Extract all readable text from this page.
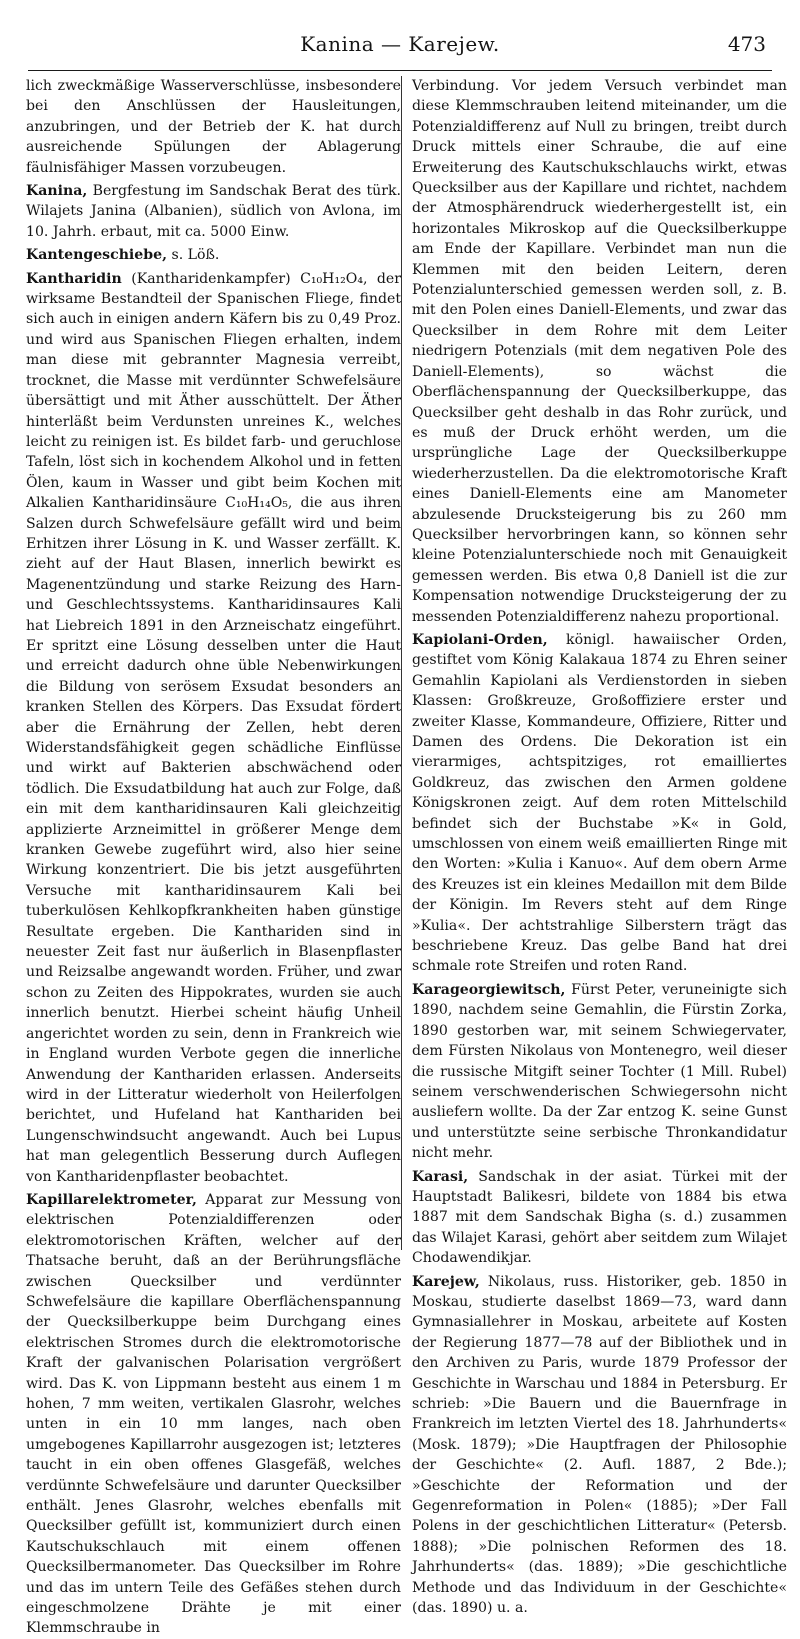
Kanina — Karejew.	473

lich zweckmäßige Wasserverschlüsse, insbesondere bei den Anschlüssen der Hausleitungen, anzubringen, und der Betrieb der K. hat durch ausreichende Spülungen der Ablagerung fäulnisfähiger Massen vorzubeugen.

Kanina, Bergfestung im Sandschak Berat des türk. Wilajets Janina (Albanien), südlich von Avlona, im 10. Jahrh. erbaut, mit ca. 5000 Einw.

Kantengeschiebe, s. Löß.

Kantharidin (Kantharidenkampfer) C₁₀H₁₂O₄, der wirksame Bestandteil der Spanischen Fliege, findet sich auch in einigen andern Käfern bis zu 0,49 Proz. und wird aus Spanischen Fliegen erhalten, indem man diese mit gebrannter Magnesia verreibt, trocknet, die Masse mit verdünnter Schwefelsäure übersättigt und mit Äther ausschüttelt. Der Äther hinterläßt beim Verdunsten unreines K., welches leicht zu reinigen ist. Es bildet farb- und geruchlose Tafeln, löst sich in kochendem Alkohol und in fetten Ölen, kaum in Wasser und gibt beim Kochen mit Alkalien Kantharidinsäure C₁₀H₁₄O₅, die aus ihren Salzen durch Schwefelsäure gefällt wird und beim Erhitzen ihrer Lösung in K. und Wasser zerfällt. K. zieht auf der Haut Blasen, innerlich bewirkt es Magenentzündung und starke Reizung des Harn- und Geschlechtssystems. Kantharidinsaures Kali hat Liebreich 1891 in den Arzneischatz eingeführt. Er spritzt eine Lösung desselben unter die Haut und erreicht dadurch ohne üble Nebenwirkungen die Bildung von serösem Exsudat besonders an kranken Stellen des Körpers. Das Exsudat fördert aber die Ernährung der Zellen, hebt deren Widerstandsfähigkeit gegen schädliche Einflüsse und wirkt auf Bakterien abschwächend oder tödlich. Die Exsudatbildung hat auch zur Folge, daß ein mit dem kantharidinsauren Kali gleichzeitig applizierte Arzneimittel in größerer Menge dem kranken Gewebe zugeführt wird, also hier seine Wirkung konzentriert. Die bis jetzt ausgeführten Versuche mit kantharidinsaurem Kali bei tuberkulösen Kehlkopfkrankheiten haben günstige Resultate ergeben. Die Kanthariden sind in neuester Zeit fast nur äußerlich in Blasenpflaster und Reizsalbe angewandt worden. Früher, und zwar schon zu Zeiten des Hippokrates, wurden sie auch innerlich benutzt. Hierbei scheint häufig Unheil angerichtet worden zu sein, denn in Frankreich wie in England wurden Verbote gegen die innerliche Anwendung der Kanthariden erlassen. Anderseits wird in der Litteratur wiederholt von Heilerfolgen berichtet, und Hufeland hat Kanthariden bei Lungenschwindsucht angewandt. Auch bei Lupus hat man gelegentlich Besserung durch Auflegen von Kantharidenpflaster beobachtet.

Kapillarelektrometer, Apparat zur Messung von elektrischen Potenzialdifferenzen oder elektromotorischen Kräften, welcher auf der Thatsache beruht, daß an der Berührungsfläche zwischen Quecksilber und verdünnter Schwefelsäure die kapillare Oberflächenspannung der Quecksilberkuppe beim Durchgang eines elektrischen Stromes durch die elektromotorische Kraft der galvanischen Polarisation vergrößert wird. Das K. von Lippmann besteht aus einem 1 m hohen, 7 mm weiten, vertikalen Glasrohr, welches unten in ein 10 mm langes, nach oben umgebogenes Kapillarrohr ausgezogen ist; letzteres taucht in ein oben offenes Glasgefäß, welches verdünnte Schwefelsäure und darunter Quecksilber enthält. Jenes Glasrohr, welches ebenfalls mit Quecksilber gefüllt ist, kommuniziert durch einen Kautschukschlauch mit einem offenen Quecksilbermanometer. Das Quecksilber im Rohre und das im untern Teile des Gefäßes stehen durch eingeschmolzene Drähte je mit einer Klemmschraube in

Verbindung. Vor jedem Versuch verbindet man diese Klemmschrauben leitend miteinander, um die Potenzialdifferenz auf Null zu bringen, treibt durch Druck mittels einer Schraube, die auf eine Erweiterung des Kautschukschlauchs wirkt, etwas Quecksilber aus der Kapillare und richtet, nachdem der Atmosphärendruck wiederhergestellt ist, ein horizontales Mikroskop auf die Quecksilberkuppe am Ende der Kapillare. Verbindet man nun die Klemmen mit den beiden Leitern, deren Potenzialunterschied gemessen werden soll, z. B. mit den Polen eines Daniell-Elements, und zwar das Quecksilber in dem Rohre mit dem Leiter niedrigern Potenzials (mit dem negativen Pole des Daniell-Elements), so wächst die Oberflächenspannung der Quecksilberkuppe, das Quecksilber geht deshalb in das Rohr zurück, und es muß der Druck erhöht werden, um die ursprüngliche Lage der Quecksilberkuppe wiederherzustellen. Da die elektromotorische Kraft eines Daniell-Elements eine am Manometer abzulesende Drucksteigerung bis zu 260 mm Quecksilber hervorbringen kann, so können sehr kleine Potenzialunterschiede noch mit Genauigkeit gemessen werden. Bis etwa 0,8 Daniell ist die zur Kompensation notwendige Drucksteigerung der zu messenden Potenzialdifferenz nahezu proportional.

Kapiolani-Orden, königl. hawaiischer Orden, gestiftet vom König Kalakaua 1874 zu Ehren seiner Gemahlin Kapiolani als Verdienstorden in sieben Klassen: Großkreuze, Großoffiziere erster und zweiter Klasse, Kommandeure, Offiziere, Ritter und Damen des Ordens. Die Dekoration ist ein vierarmiges, achtspitziges, rot emailliertes Goldkreuz, das zwischen den Armen goldene Königskronen zeigt. Auf dem roten Mittelschild befindet sich der Buchstabe »K« in Gold, umschlossen von einem weiß emaillierten Ringe mit den Worten: »Kulia i Kanuo«. Auf dem obern Arme des Kreuzes ist ein kleines Medaillon mit dem Bilde der Königin. Im Revers steht auf dem Ringe »Kulia«. Der achtstrahlige Silberstern trägt das beschriebene Kreuz. Das gelbe Band hat drei schmale rote Streifen und roten Rand.

Karageorgiewitsch, Fürst Peter, veruneinigte sich 1890, nachdem seine Gemahlin, die Fürstin Zorka, 1890 gestorben war, mit seinem Schwiegervater, dem Fürsten Nikolaus von Montenegro, weil dieser die russische Mitgift seiner Tochter (1 Mill. Rubel) seinem verschwenderischen Schwiegersohn nicht ausliefern wollte. Da der Zar entzog K. seine Gunst und unterstützte seine serbische Thronkandidatur nicht mehr.

Karasi, Sandschak in der asiat. Türkei mit der Hauptstadt Balikesri, bildete von 1884 bis etwa 1887 mit dem Sandschak Bigha (s. d.) zusammen das Wilajet Karasi, gehört aber seitdem zum Wilajet Chodawendikjar.

Karejew, Nikolaus, russ. Historiker, geb. 1850 in Moskau, studierte daselbst 1869—73, ward dann Gymnasiallehrer in Moskau, arbeitete auf Kosten der Regierung 1877—78 auf der Bibliothek und in den Archiven zu Paris, wurde 1879 Professor der Geschichte in Warschau und 1884 in Petersburg. Er schrieb: »Die Bauern und die Bauernfrage in Frankreich im letzten Viertel des 18. Jahrhunderts« (Mosk. 1879); »Die Hauptfragen der Philosophie der Geschichte« (2. Aufl. 1887, 2 Bde.); »Geschichte der Reformation und der Gegenreformation in Polen« (1885); »Der Fall Polens in der geschichtlichen Litteratur« (Petersb. 1888); »Die polnischen Reformen des 18. Jahrhunderts« (das. 1889); »Die geschichtliche Methode und das Individuum in der Geschichte« (das. 1890) u. a.
